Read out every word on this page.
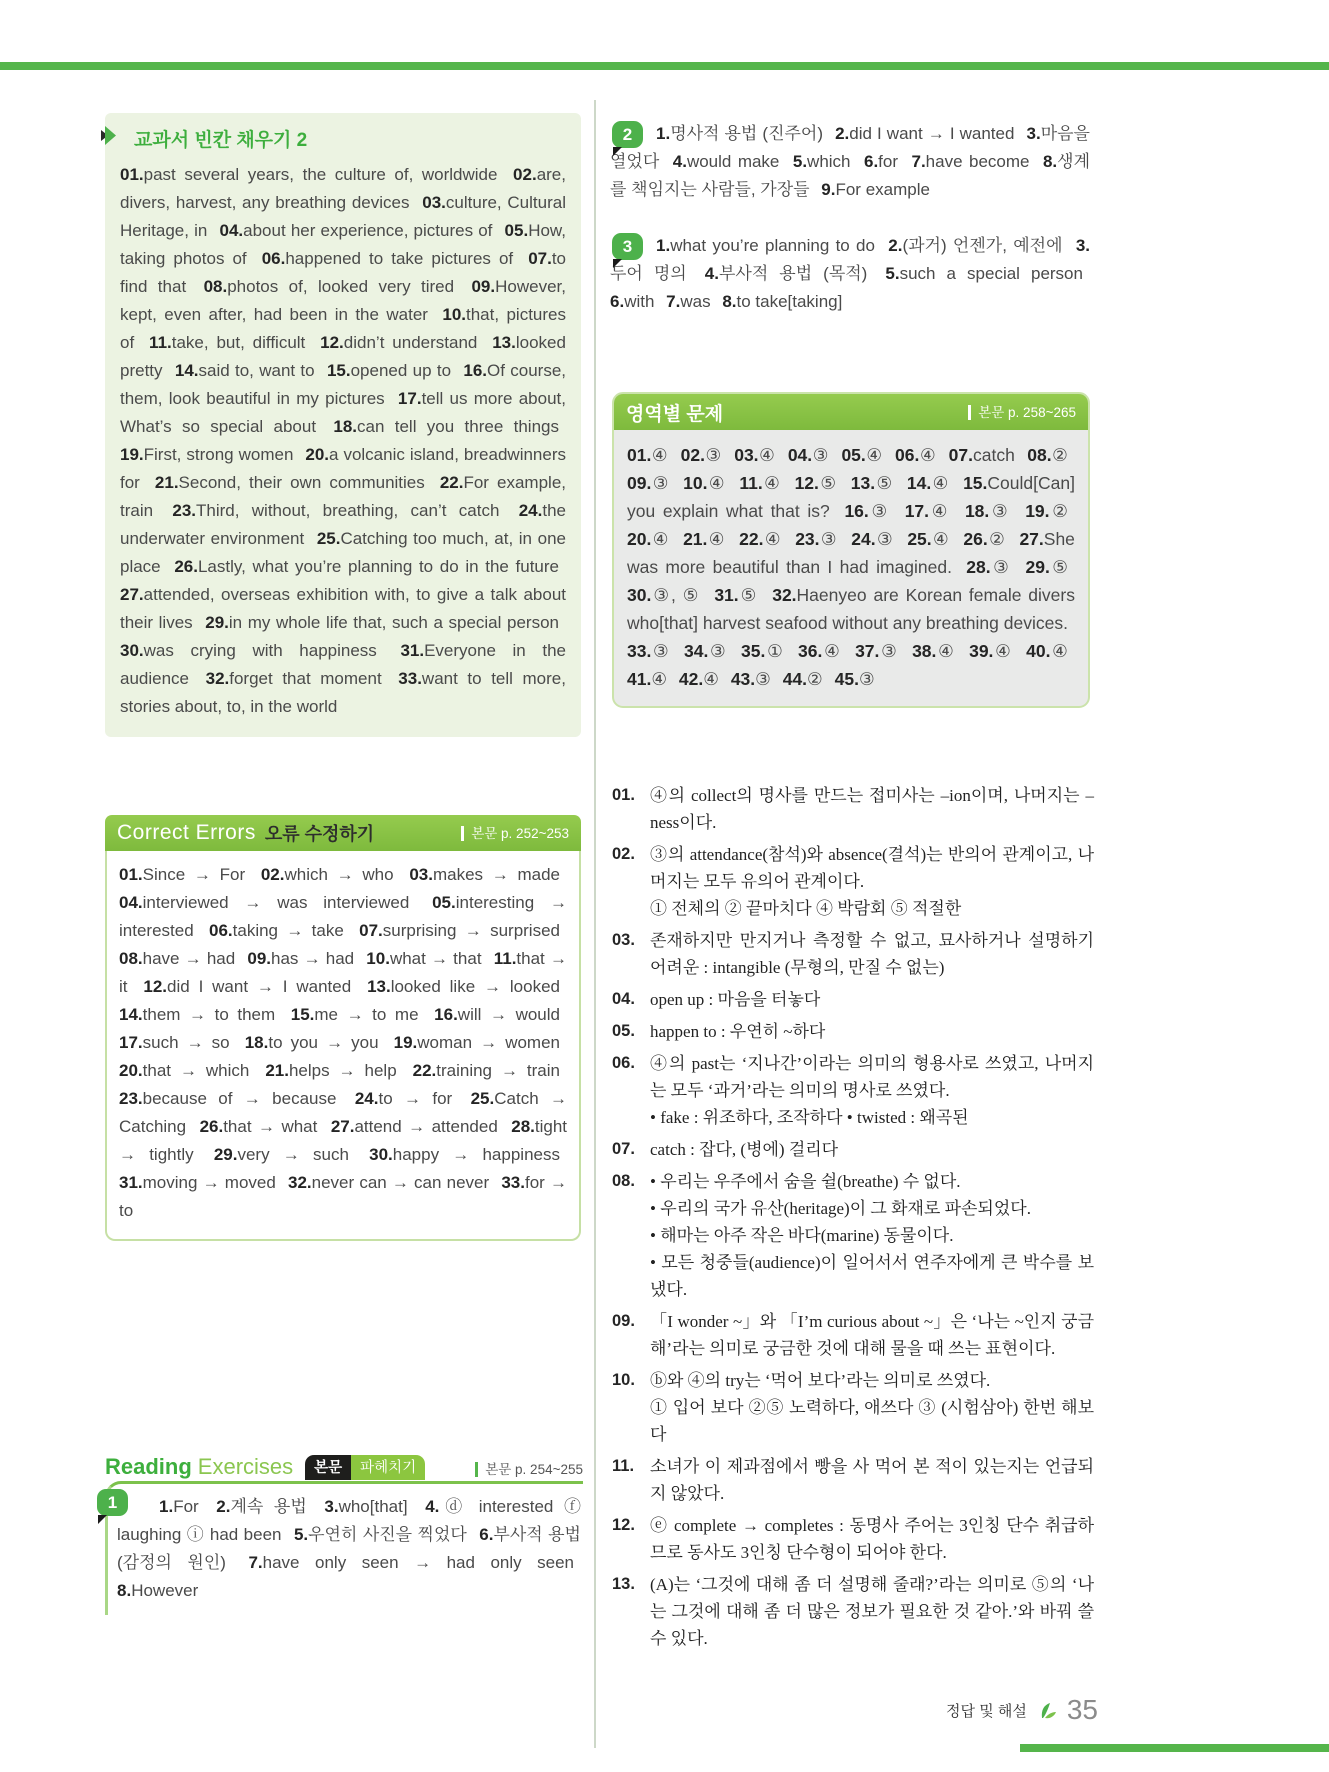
교과서 빈칸 채우기 2
01.past several years, the culture of, worldwide 02.are, divers, harvest, any breathing devices 03.culture, Cultural Heritage, in 04.about her experience, pictures of 05.How, taking photos of 06.happened to take pictures of 07.to find that 08.photos of, looked very tired 09.However, kept, even after, had been in the water 10.that, pictures of 11.take, but, difficult 12.didn’t understand 13.looked pretty 14.said to, want to 15.opened up to 16.Of course, them, look beautiful in my pictures 17.tell us more about, What’s so special about 18.can tell you three things 19.First, strong women 20.a volcanic island, breadwinners for 21.Second, their own communities 22.For example, train 23.Third, without, breathing, can’t catch 24.the underwater environment 25.Catching too much, at, in one place 26.Lastly, what you’re planning to do in the future 27.attended, overseas exhibition with, to give a talk about their lives 29.in my whole life that, such a special person 30.was crying with happiness 31.Everyone in the audience 32.forget that moment 33.want to tell more, stories about, to, in the world
Correct Errors 오류 수정하기	본문 p. 252~253
01.Since → For 02.which → who 03.makes → made 04.interviewed → was interviewed 05.interesting → interested 06.taking → take 07.surprising → surprised 08.have → had 09.has → had 10.what → that 11.that → it 12.did I want → I wanted 13.looked like → looked 14.them → to them 15.me → to me 16.will → would 17.such → so 18.to you → you 19.woman → women 20.that → which 21.helps → help 22.training → train 23.because of → because 24.to → for 25.Catch → Catching 26.that → what 27.attend → attended 28.tight → tightly 29.very → such 30.happy → happiness 31.moving → moved 32.never can → can never 33.for → to
Reading Exercises	본문	파헤치기	본문 p. 254~255
1	1.For 2.계속 용법 3.who[that] 4.ⓓ interested ⓕ laughing ⓘ had been 5.우연히 사진을 찍었다 6.부사적 용법 (감정의 원인) 7.have only seen → had only seen 8.However
2	1.명사적 용법 (진주어) 2.did I want → I wanted 3.마음을 열었다 4.would make 5.which 6.for 7.have become 8.생계를 책임지는 사람들, 가장들 9.For example
3	1.what you’re planning to do 2.(과거) 언젠가, 예전에 3.두어 명의 4.부사적 용법 (목적) 5.such a special person 6.with 7.was 8.to take[taking]
영역별 문제	본문 p. 258~265
01.④ 02.③ 03.④ 04.③ 05.④ 06.④ 07.catch 08.② 09.③ 10.④ 11.④ 12.⑤ 13.⑤ 14.④ 15.Could[Can] you explain what that is? 16.③ 17.④ 18.③ 19.② 20.④ 21.④ 22.④ 23.③ 24.③ 25.④ 26.② 27.She was more beautiful than I had imagined. 28.③ 29.⑤ 30.③, ⑤ 31.⑤ 32.Haenyeo are Korean female divers who[that] harvest seafood without any breathing devices. 33.③ 34.③ 35.① 36.④ 37.③ 38.④ 39.④ 40.④ 41.④ 42.④ 43.③ 44.② 45.③
01. ④의 collect의 명사를 만드는 접미사는 –ion이며, 나머지는 –ness이다.
02. ③의 attendance(참석)와 absence(결석)는 반의어 관계이고, 나머지는 모두 유의어 관계이다.
① 전체의 ② 끝마치다 ④ 박람회 ⑤ 적절한
03. 존재하지만 만지거나 측정할 수 없고, 묘사하거나 설명하기 어려운 : intangible (무형의, 만질 수 없는)
04. open up : 마음을 터놓다
05. happen to : 우연히 ~하다
06. ④의 past는 ‘지나간’이라는 의미의 형용사로 쓰였고, 나머지는 모두 ‘과거’라는 의미의 명사로 쓰였다.
• fake : 위조하다, 조작하다 • twisted : 왜곡된
07. catch : 잡다, (병에) 걸리다
08. • 우리는 우주에서 숨을 쉴(breathe) 수 없다.
• 우리의 국가 유산(heritage)이 그 화재로 파손되었다.
• 해마는 아주 작은 바다(marine) 동물이다.
• 모든 청중들(audience)이 일어서서 연주자에게 큰 박수를 보냈다.
09. 「I wonder ~」와 「I’m curious about ~」은 ‘나는 ~인지 궁금해’라는 의미로 궁금한 것에 대해 물을 때 쓰는 표현이다.
10. ⓑ와 ④의 try는 ‘먹어 보다’라는 의미로 쓰였다.
① 입어 보다 ②⑤ 노력하다, 애쓰다 ③ (시험삼아) 한번 해보다
11. 소녀가 이 제과점에서 빵을 사 먹어 본 적이 있는지는 언급되지 않았다.
12. ⓔ complete → completes : 동명사 주어는 3인칭 단수 취급하므로 동사도 3인칭 단수형이 되어야 한다.
13. (A)는 ‘그것에 대해 좀 더 설명해 줄래?’라는 의미로 ⑤의 ‘나는 그것에 대해 좀 더 많은 정보가 필요한 것 같아.’와 바꿔 쓸 수 있다.
정답 및 해설 35
